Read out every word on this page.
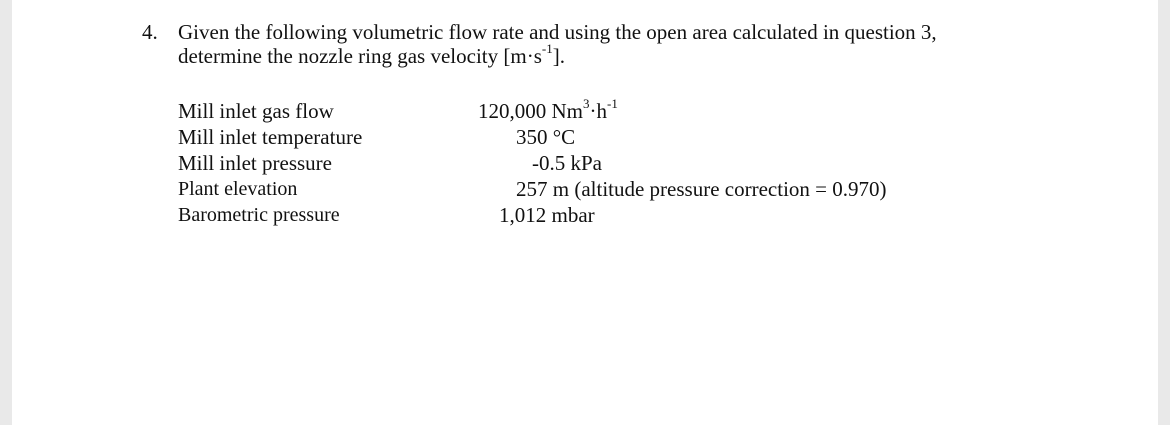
4. Given the following volumetric flow rate and using the open area calculated in question 3,
determine the nozzle ring gas velocity $[m\cdot s^{-1}]$.
Mill inlet gas flow
Mill inlet temperature
Mill inlet pressure
Plant elevation
Barometric pressure
120,000 $Nm^3\cdot h^{-1}$
350 °C
-0.5 kPa
257 m (altitude pressure correction = 0.970)
1,012 mbar
